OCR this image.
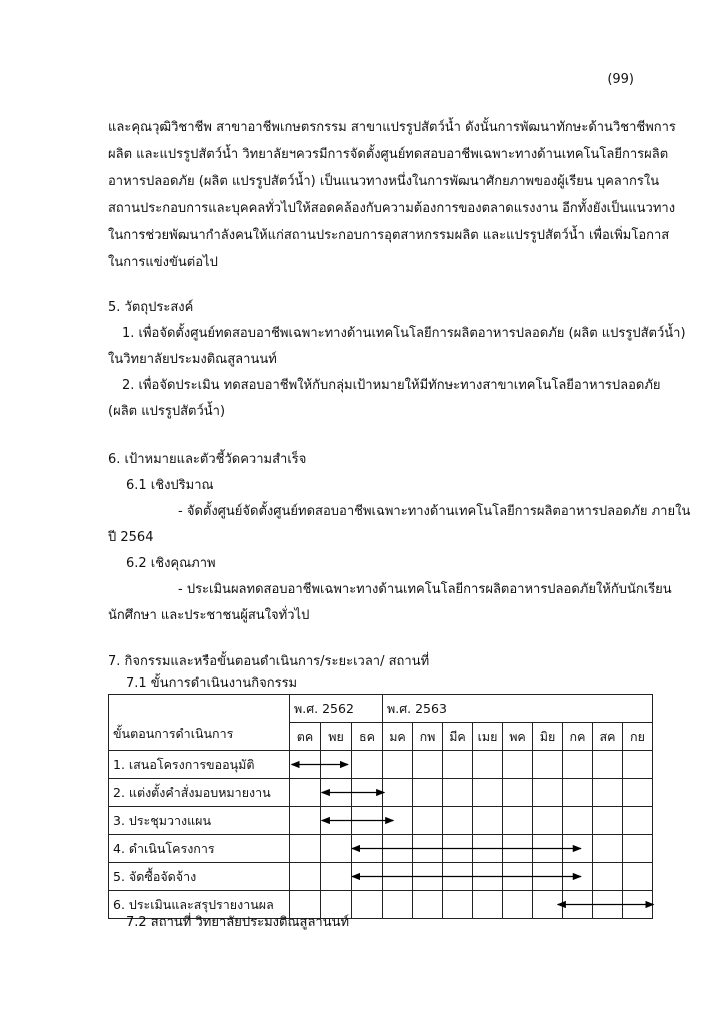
(99)
และคุณวุฒิวิชาชีพ สาขาอาชีพเกษตรกรรม สาขาแปรรูปสัตว์น้ำ ดังนั้นการพัฒนาทักษะด้านวิชาชีพการ
ผลิต และแปรรูปสัตว์น้ำ วิทยาลัยฯควรมีการจัดตั้งศูนย์ทดสอบอาชีพเฉพาะทางด้านเทคโนโลยีการผลิต
อาหารปลอดภัย (ผลิต แปรรูปสัตว์น้ำ) เป็นแนวทางหนึ่งในการพัฒนาศักยภาพของผู้เรียน บุคลากรใน
สถานประกอบการและบุคคลทั่วไปให้สอดคล้องกับความต้องการของตลาดแรงงาน อีกทั้งยังเป็นแนวทาง
ในการช่วยพัฒนากำลังคนให้แก่สถานประกอบการอุตสาหกรรมผลิต และแปรรูปสัตว์น้ำ เพื่อเพิ่มโอกาส
ในการแข่งขันต่อไป
5. วัตถุประสงค์
1. เพื่อจัดตั้งศูนย์ทดสอบอาชีพเฉพาะทางด้านเทคโนโลยีการผลิตอาหารปลอดภัย (ผลิต แปรรูปสัตว์น้ำ)
ในวิทยาลัยประมงติณสูลานนท์
2. เพื่อจัดประเมิน ทดสอบอาชีพให้กับกลุ่มเป้าหมายให้มีทักษะทางสาขาเทคโนโลยีอาหารปลอดภัย
(ผลิต แปรรูปสัตว์น้ำ)
6. เป้าหมายและตัวชี้วัดความสำเร็จ
6.1 เชิงปริมาณ
- จัดตั้งศูนย์จัดตั้งศูนย์ทดสอบอาชีพเฉพาะทางด้านเทคโนโลยีการผลิตอาหารปลอดภัย ภายใน
ปี 2564
6.2 เชิงคุณภาพ
- ประเมินผลทดสอบอาชีพเฉพาะทางด้านเทคโนโลยีการผลิตอาหารปลอดภัยให้กับนักเรียน
นักศึกษา และประชาชนผู้สนใจทั่วไป
7. กิจกรรมและหรือขั้นตอนดำเนินการ/ระยะเวลา/ สถานที่
7.1 ขั้นการดำเนินงานกิจกรรม
ขั้นตอนการดำเนินการ	พ.ศ. 2562			พ.ศ. 2563								
	ตค	พย	ธค	มค	กพ	มีค	เมย	พค	มิย	กค	สค	กย
1. เสนอโครงการขออนุมัติ												
2. แต่งตั้งคำสั่งมอบหมายงาน												
3. ประชุมวางแผน												
4. ดำเนินโครงการ												
5. จัดซื้อจัดจ้าง												
6. ประเมินและสรุปรายงานผล												
7.2 สถานที่ วิทยาลัยประมงติณสูลานนท์
